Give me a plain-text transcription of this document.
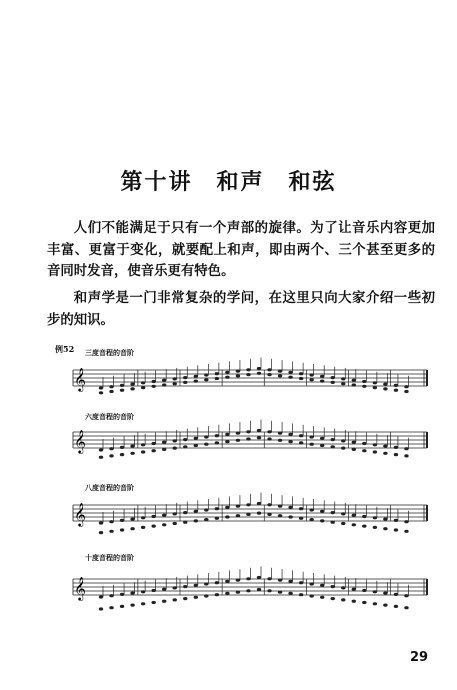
第十讲　和声　和弦
人们不能满足于只有一个声部的旋律。为了让音乐内容更加丰富、更富于变化，就要配上和声，即由两个、三个甚至更多的音同时发音，使音乐更有特色。
和声学是一门非常复杂的学问，在这里只向大家介绍一些初步的知识。
例52 三度音程的音阶
𝄞
六度音程的音阶
𝄞
八度音程的音阶
𝄞
十度音程的音阶
𝄞
29
